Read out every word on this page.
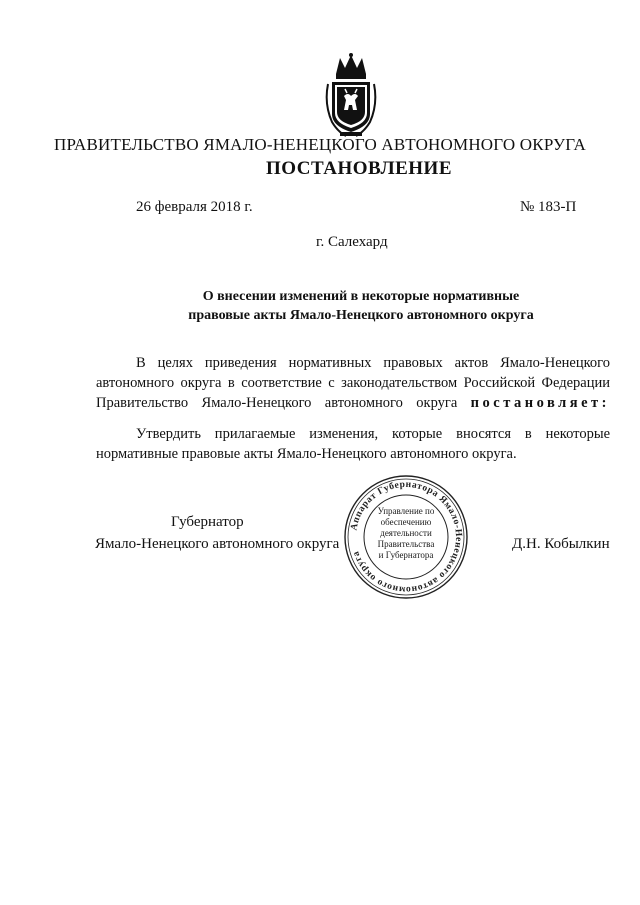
ПРАВИТЕЛЬСТВО ЯМАЛО-НЕНЕЦКОГО АВТОНОМНОГО ОКРУГА
ПОСТАНОВЛЕНИЕ
26 февраля 2018 г.	№ 183-П
г. Салехард
О внесении изменений в некоторые нормативные
правовые акты Ямало-Ненецкого автономного округа
В целях приведения нормативных правовых актов Ямало-Ненецкого
автономного округа в соответствие с законодательством Российской Федерации
Правительство Ямало-Ненецкого автономного округа постановляет:
Утвердить прилагаемые изменения, которые вносятся в некоторые
нормативные правовые акты Ямало-Ненецкого автономного округа.
Губернатор
Ямало-Ненецкого автономного округа	Д.Н. Кобылкин
Аппарат Губернатора Ямало-Ненецкого автономного округа
Управление по
обеспечению
деятельности
Правительства
и Губернатора
